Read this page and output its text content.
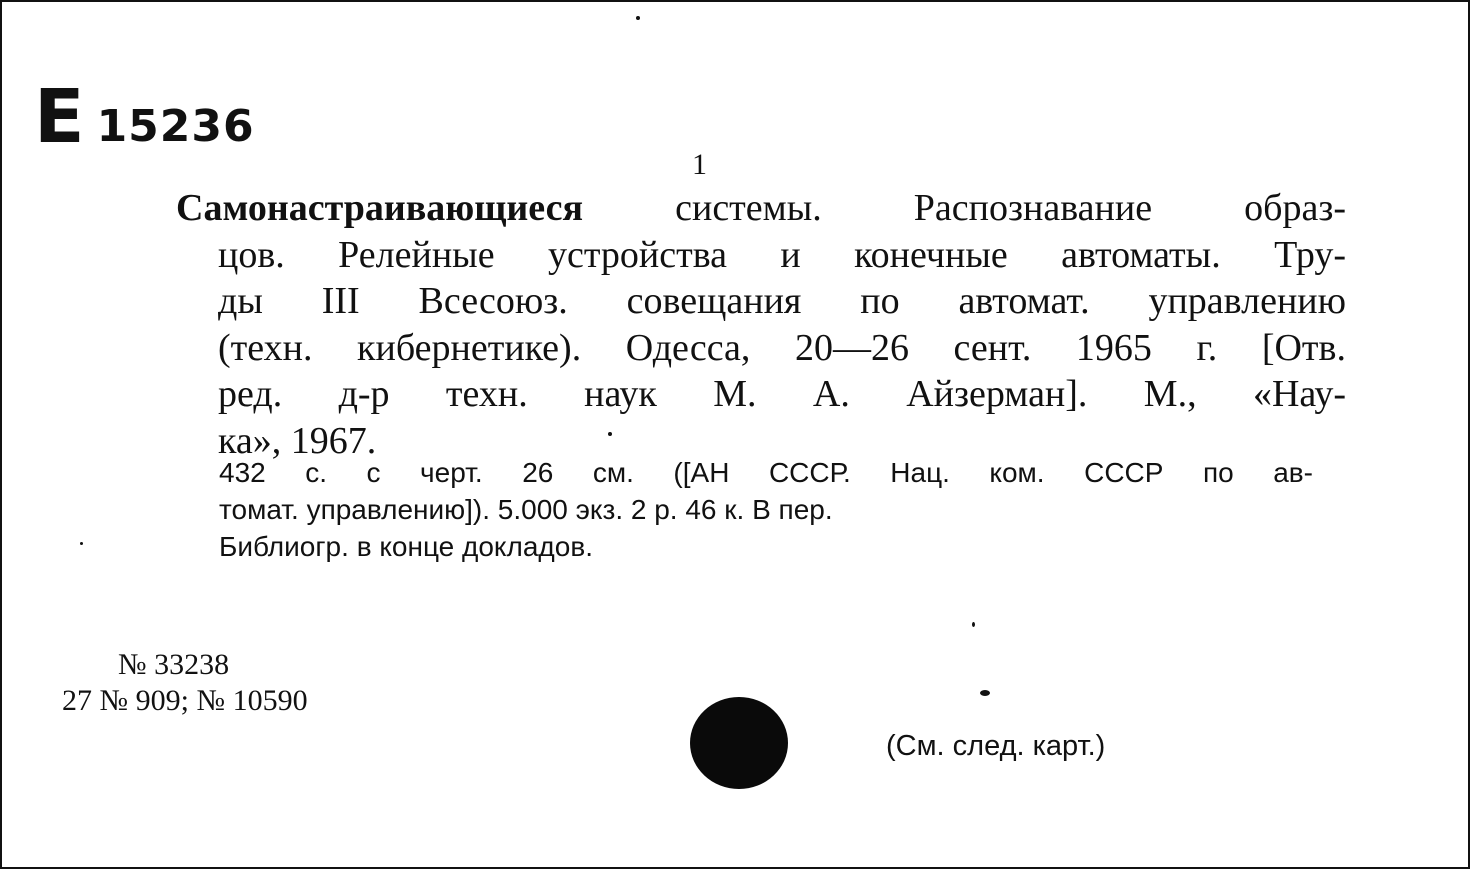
Е 15236
1
Самонастраивающиеся системы. Распознавание образ-
цов. Релейные устройства и конечные автоматы. Тру-
ды III Всесоюз. совещания по автомат. управлению
(техн. кибернетике). Одесса, 20—26 сент. 1965 г. [Отв.
ред. д-р техн. наук М. А. Айзерман]. М., «Нау-
ка», 1967.
432 с. с черт. 26 см. ([АН СССР. Нац. ком. СССР по ав-
томат. управлению]). 5.000 экз. 2 р. 46 к. В пер.
Библиогр. в конце докладов.
№ 33238
27 № 909; № 10590
(См. след. карт.)
